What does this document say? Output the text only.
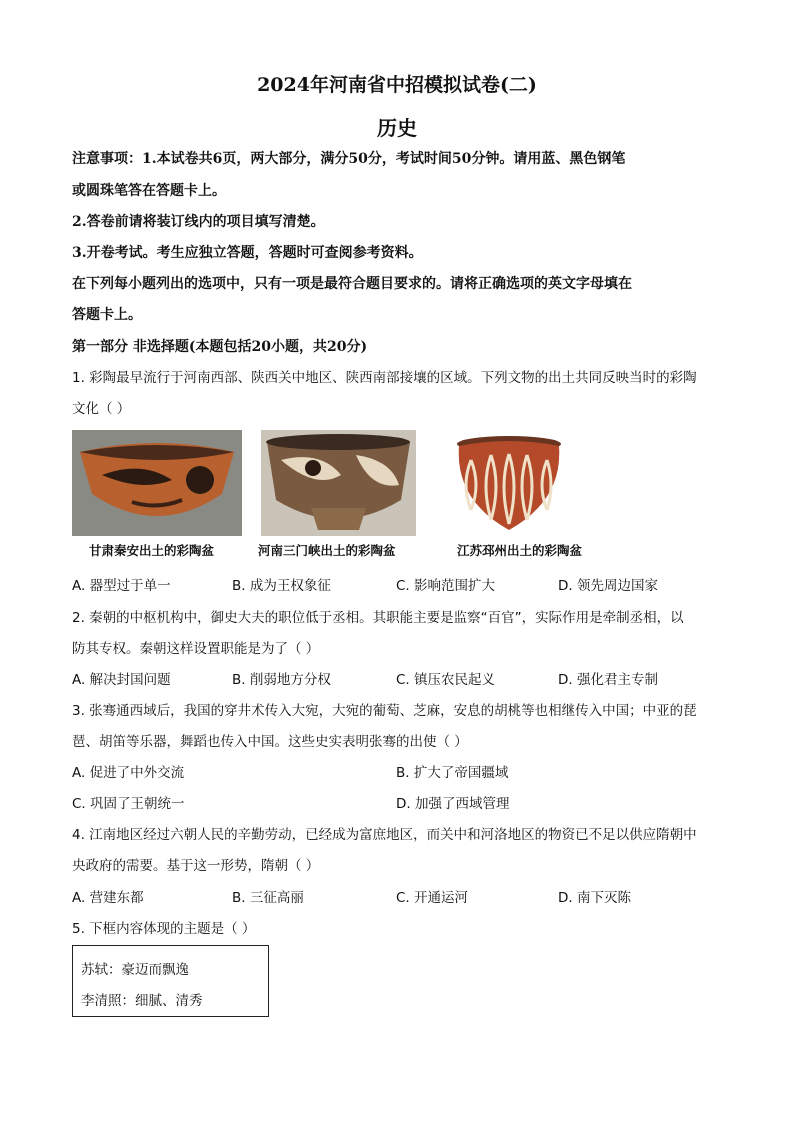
2024年河南省中招模拟试卷(二)
历史
注意事项：1.本试卷共6页，两大部分，满分50分，考试时间50分钟。请用蓝、黑色钢笔
或圆珠笔答在答题卡上。
2.答卷前请将装订线内的项目填写清楚。
3.开卷考试。考生应独立答题，答题时可查阅参考资料。
在下列每小题列出的选项中，只有一项是最符合题目要求的。请将正确选项的英文字母填在
答题卡上。
第一部分 非选择题(本题包括20小题，共20分)
1. 彩陶最早流行于河南西部、陕西关中地区、陕西南部接壤的区域。下列文物的出土共同反映当时的彩陶
文化（ ）
甘肃秦安出土的彩陶盆	河南三门峡出土的彩陶盆	江苏邳州出土的彩陶盆
A. 器型过于单一	B. 成为王权象征	C. 影响范围扩大	D. 领先周边国家
2. 秦朝的中枢机构中，御史大夫的职位低于丞相。其职能主要是监察“百官”，实际作用是牵制丞相，以
防其专权。秦朝这样设置职能是为了（ ）
A. 解决封国问题	B. 削弱地方分权	C. 镇压农民起义	D. 强化君主专制
3. 张骞通西域后，我国的穿井术传入大宛，大宛的葡萄、芝麻，安息的胡桃等也相继传入中国；中亚的琵
琶、胡笛等乐器，舞蹈也传入中国。这些史实表明张骞的出使（ ）
A. 促进了中外交流	B. 扩大了帝国疆域
C. 巩固了王朝统一	D. 加强了西域管理
4. 江南地区经过六朝人民的辛勤劳动，已经成为富庶地区，而关中和河洛地区的物资已不足以供应隋朝中
央政府的需要。基于这一形势，隋朝（ ）
A. 营建东都	B. 三征高丽	C. 开通运河	D. 南下灭陈
5. 下框内容体现的主题是（ ）
苏轼：豪迈而飘逸
李清照：细腻、清秀
